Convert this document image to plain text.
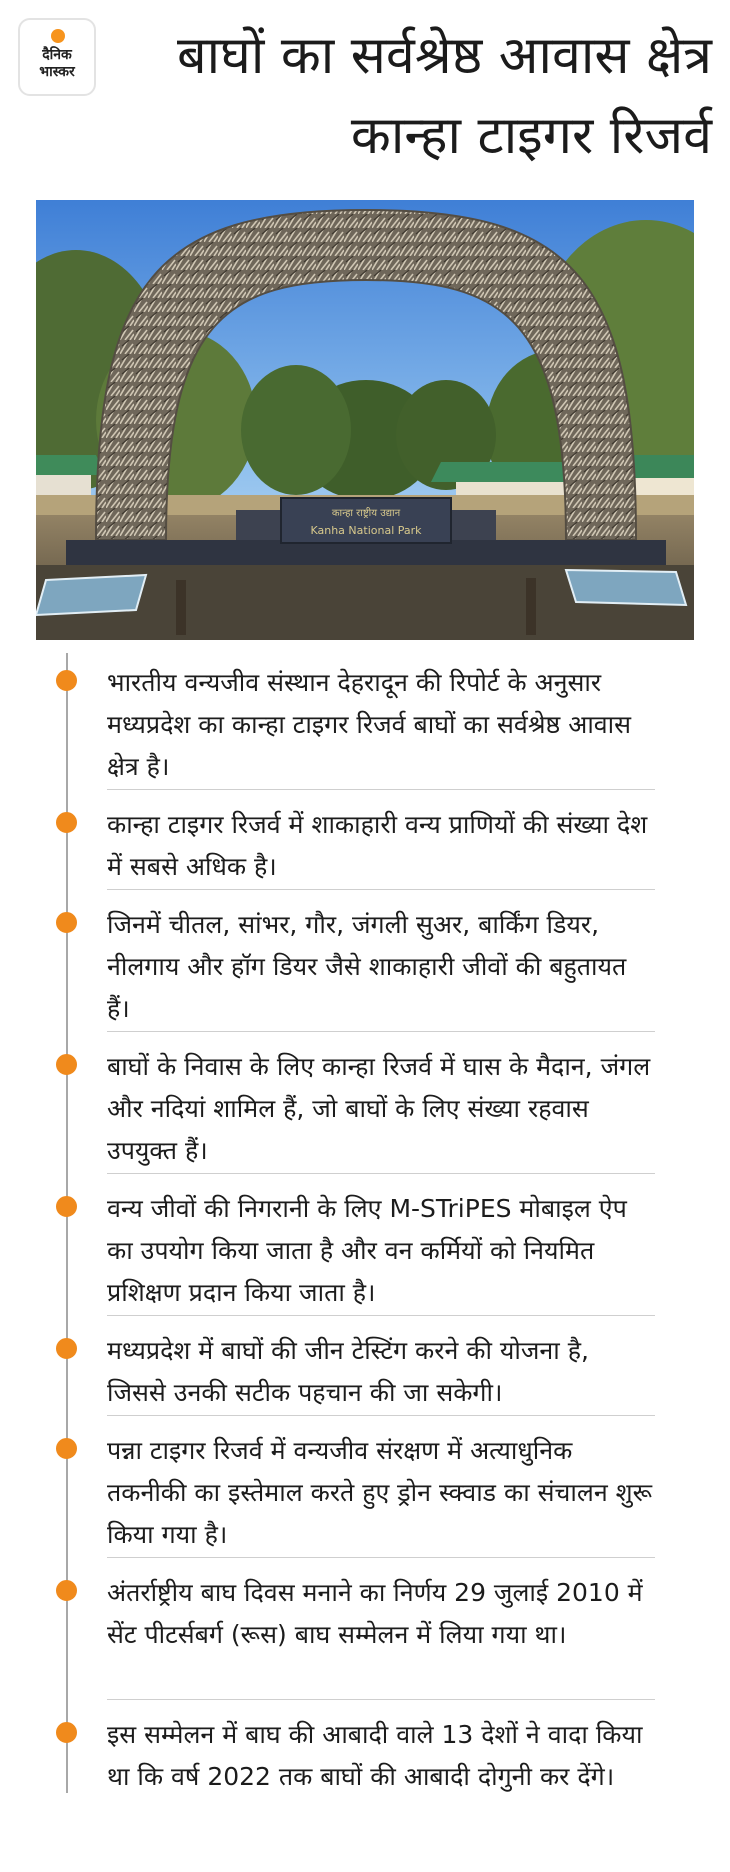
दैनिक
भास्कर	बाघों का सर्वश्रेष्ठ आवास क्षेत्र कान्हा टाइगर रिजर्व
कान्हा राष्ट्रीय उद्यान
Kanha National Park

भारतीय वन्यजीव संस्थान देहरादून की रिपोर्ट के अनुसार मध्यप्रदेश का कान्हा टाइगर रिजर्व बाघों का सर्वश्रेष्ठ आवास क्षेत्र है।

कान्हा टाइगर रिजर्व में शाकाहारी वन्य प्राणियों की संख्या देश में सबसे अधिक है।

जिनमें चीतल, सांभर, गौर, जंगली सुअर, बार्किंग डियर, नीलगाय और हॉग डियर जैसे शाकाहारी जीवों की बहुतायत हैं।

बाघों के निवास के लिए कान्हा रिजर्व में घास के मैदान, जंगल और नदियां शामिल हैं, जो बाघों के लिए संख्या रहवास उपयुक्त हैं।

वन्य जीवों की निगरानी के लिए M-STriPES मोबाइल ऐप का उपयोग किया जाता है और वन कर्मियों को नियमित प्रशिक्षण प्रदान किया जाता है।

मध्यप्रदेश में बाघों की जीन टेस्टिंग करने की योजना है, जिससे उनकी सटीक पहचान की जा सकेगी।

पन्ना टाइगर रिजर्व में वन्यजीव संरक्षण में अत्याधुनिक तकनीकी का इस्तेमाल करते हुए ड्रोन स्क्वाड का संचालन शुरू किया गया है।

अंतर्राष्ट्रीय बाघ दिवस मनाने का निर्णय 29 जुलाई 2010 में सेंट पीटर्सबर्ग (रूस) बाघ सम्मेलन में लिया गया था।

इस सम्मेलन में बाघ की आबादी वाले 13 देशों ने वादा किया था कि वर्ष 2022 तक बाघों की आबादी दोगुनी कर देंगे।
